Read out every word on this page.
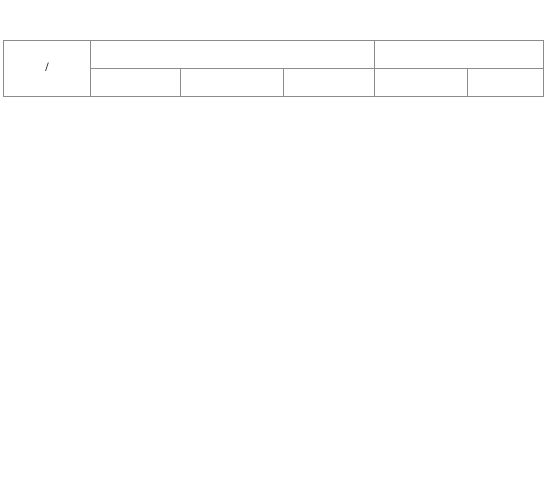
/			
